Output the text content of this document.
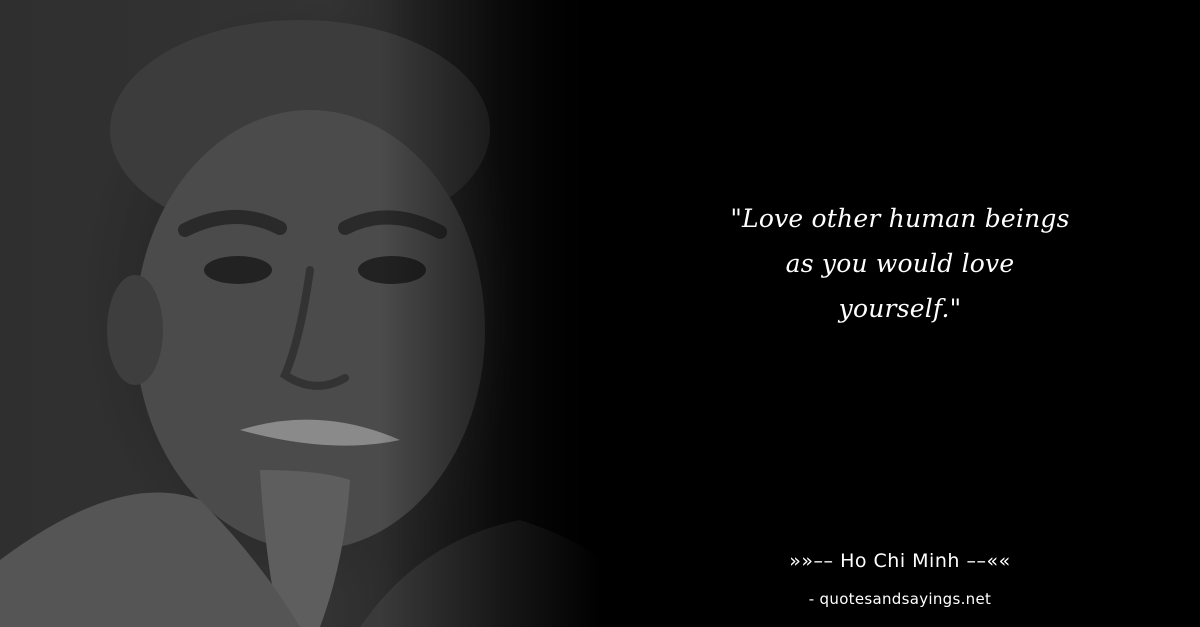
"Love other human beings
as you would love
yourself."

»»–– Ho Chi Minh ––««
- quotesandsayings.net
